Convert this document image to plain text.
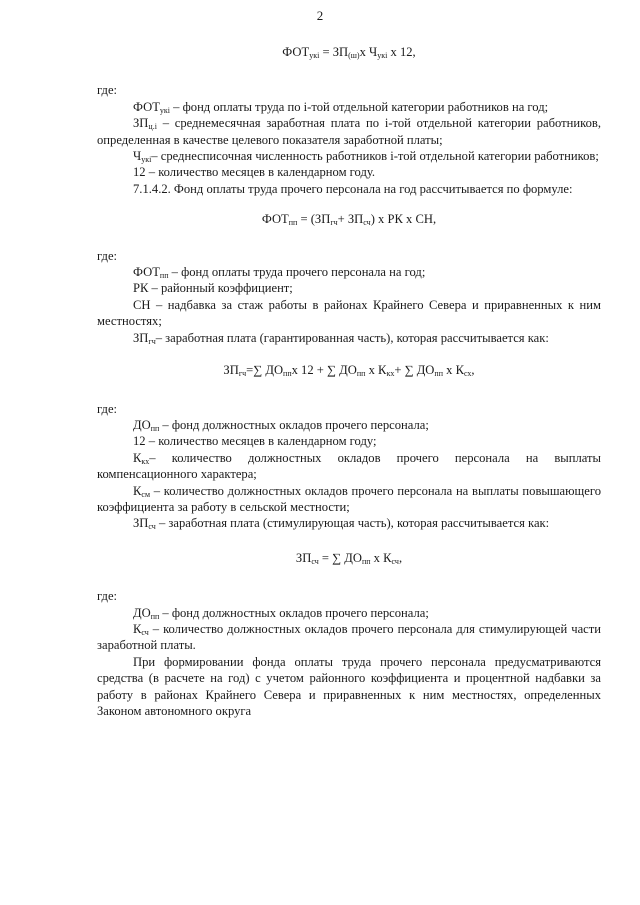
2

$ФОТ_{укi} = ЗП_{(ш)}х$ $Ч_{укi}$ х 12,

где:

$ФОТ_{укi}$ – фонд оплаты труда по i-той отдельной категории работников на год;

$ЗП_{ц.i}$ – среднемесячная заработная плата по i-той отдельной категории работников, определенная в качестве целевого показателя заработной платы;

$Ч_{укi}-$ среднесписочная численность работников i-той отдельной категории работников;

12 – количество месяцев в календарном году.

7.1.4.2. Фонд оплаты труда прочего персонала на год рассчитывается по формуле:

$ФОТ_{пп} = (ЗП_{гч}+ ЗП_{сч})$ х РК х СН,

где:

$ФОТ_{пп}$ – фонд оплаты труда прочего персонала на год;

РК – районный коэффициент;

СН – надбавка за стаж работы в районах Крайнего Севера и приравненных к ним местностях;

$ЗП_{гч}-$ заработная плата (гарантированная часть), которая рассчитывается как:

$ЗП_{гч}=\sum$ $ДО_{пп}х$ 12 + ∑ $ДО_{пп}$ х $К_{кх}+$ ∑ $ДО_{пп}$ х $К_{сх}$,

где:

$ДО_{пп}$ – фонд должностных окладов прочего персонала;

12 – количество месяцев в календарном году;

$К_{кх}-$ количество должностных окладов прочего персонала на выплаты компенсационного характера;

$К_{см}$ – количество должностных окладов прочего персонала на выплаты повышающего коэффициента за работу в сельской местности;

$ЗП_{сч}$ – заработная плата (стимулирующая часть), которая рассчитывается как:

$ЗП_{сч}$ = ∑ $ДО_{пп}$ х $К_{сч}$,

где:

$ДО_{пп}$ – фонд должностных окладов прочего персонала;

$К_{сч}$ – количество должностных окладов прочего персонала для стимулирующей части заработной платы.

При формировании фонда оплаты труда прочего персонала предусматриваются средства (в расчете на год) с учетом районного коэффициента и процентной надбавки за работу в районах Крайнего Севера и приравненных к ним местностях, определенных Законом автономного округа
